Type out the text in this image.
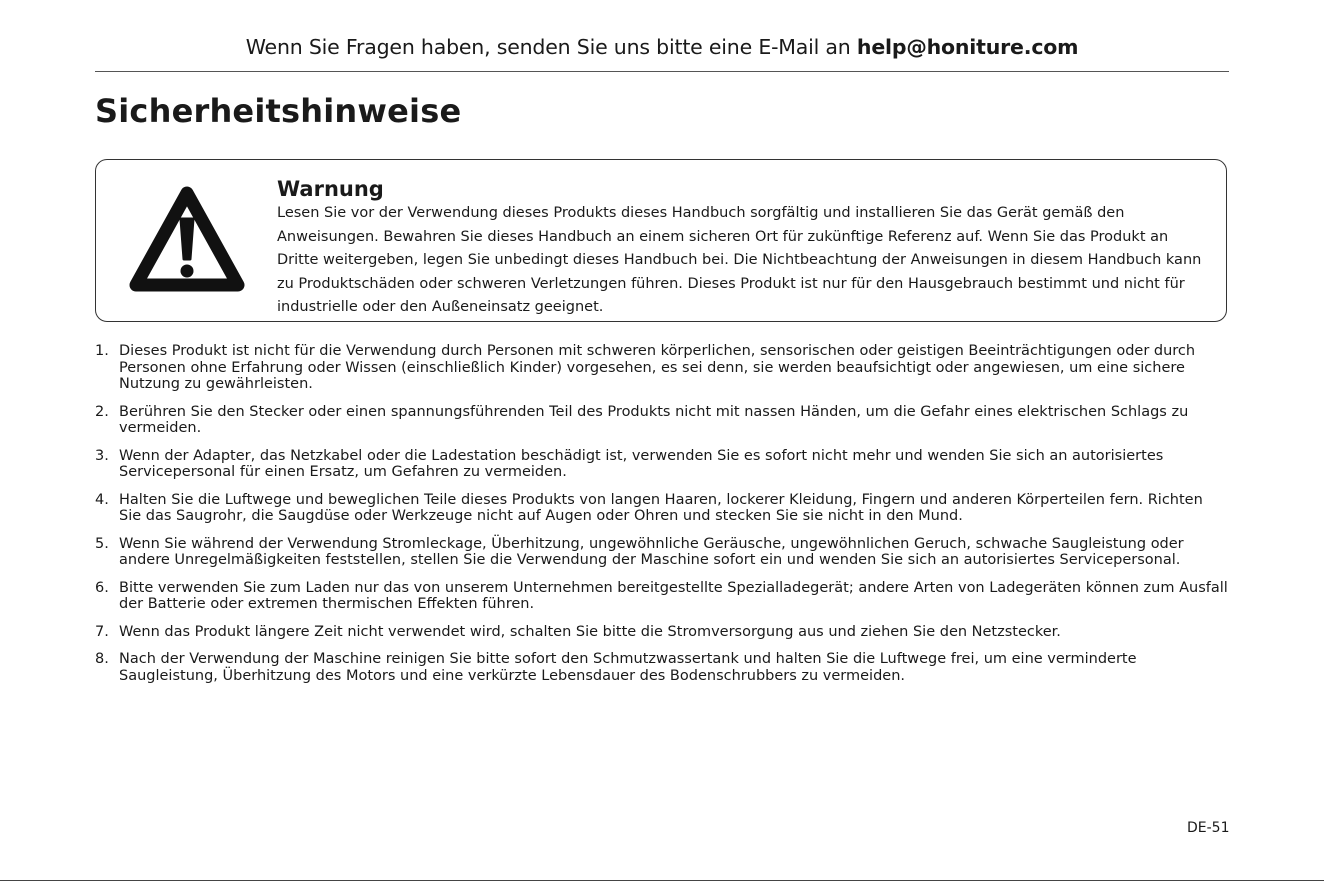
Wenn Sie Fragen haben, senden Sie uns bitte eine E-Mail an help@honiture.com
Sicherheitshinweise
Warnung

Lesen Sie vor der Verwendung dieses Produkts dieses Handbuch sorgfältig und installieren Sie das Gerät gemäß den Anweisungen. Bewahren Sie dieses Handbuch an einem sicheren Ort für zukünftige Referenz auf. Wenn Sie das Produkt an Dritte weitergeben, legen Sie unbedingt dieses Handbuch bei. Die Nichtbeachtung der Anweisungen in diesem Handbuch kann zu Produktschäden oder schweren Verletzungen führen. Dieses Produkt ist nur für den Hausgebrauch bestimmt und nicht für industrielle oder den Außeneinsatz geeignet.

1. Dieses Produkt ist nicht für die Verwendung durch Personen mit schweren körperlichen, sensorischen oder geistigen Beeinträchtigungen oder durch Personen ohne Erfahrung oder Wissen (einschließlich Kinder) vorgesehen, es sei denn, sie werden beaufsichtigt oder angewiesen, um eine sichere Nutzung zu gewährleisten.
2. Berühren Sie den Stecker oder einen spannungsführenden Teil des Produkts nicht mit nassen Händen, um die Gefahr eines elektrischen Schlags zu vermeiden.
3. Wenn der Adapter, das Netzkabel oder die Ladestation beschädigt ist, verwenden Sie es sofort nicht mehr und wenden Sie sich an autorisiertes Servicepersonal für einen Ersatz, um Gefahren zu vermeiden.
4. Halten Sie die Luftwege und beweglichen Teile dieses Produkts von langen Haaren, lockerer Kleidung, Fingern und anderen Körperteilen fern. Richten Sie das Saugrohr, die Saugdüse oder Werkzeuge nicht auf Augen oder Ohren und stecken Sie sie nicht in den Mund.
5. Wenn Sie während der Verwendung Stromleckage, Überhitzung, ungewöhnliche Geräusche, ungewöhnlichen Geruch, schwache Saugleistung oder andere Unregelmäßigkeiten feststellen, stellen Sie die Verwendung der Maschine sofort ein und wenden Sie sich an autorisiertes Servicepersonal.
6. Bitte verwenden Sie zum Laden nur das von unserem Unternehmen bereitgestellte Spezialladegerät; andere Arten von Ladegeräten können zum Ausfall der Batterie oder extremen thermischen Effekten führen.
7. Wenn das Produkt längere Zeit nicht verwendet wird, schalten Sie bitte die Stromversorgung aus und ziehen Sie den Netzstecker.
8. Nach der Verwendung der Maschine reinigen Sie bitte sofort den Schmutzwassertank und halten Sie die Luftwege frei, um eine verminderte Saugleistung, Überhitzung des Motors und eine verkürzte Lebensdauer des Bodenschrubbers zu vermeiden.
DE-51
